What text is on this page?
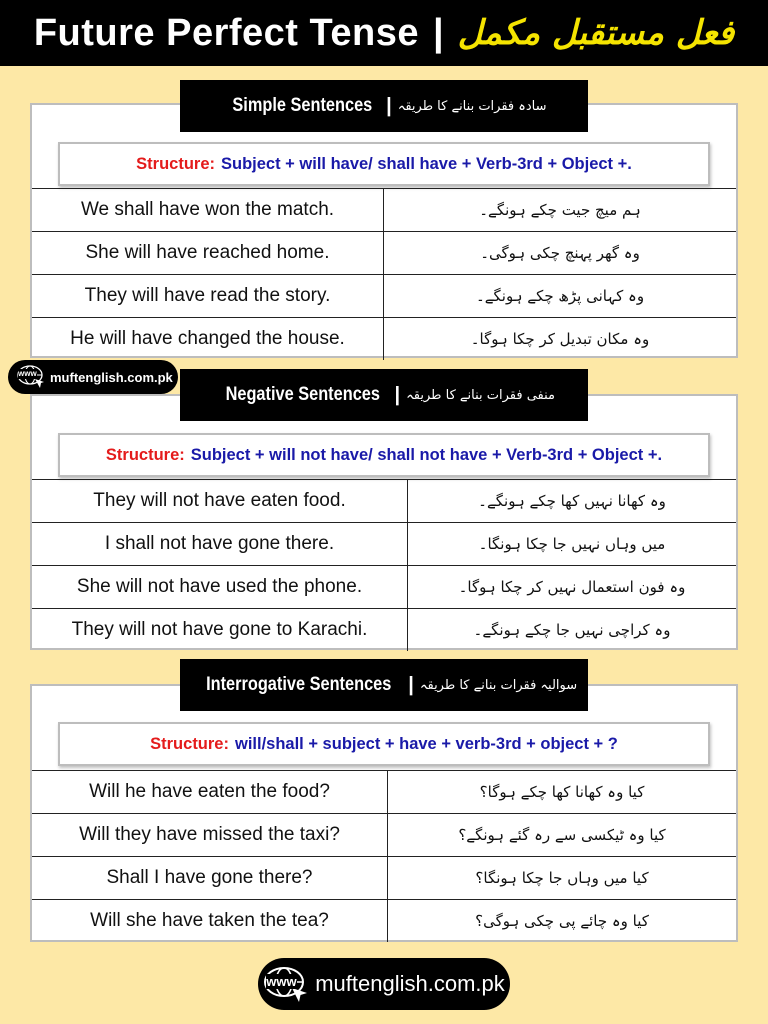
Future Perfect Tense | فعل مستقبل مکمل
Structure: Subject + will have/ shall have + Verb-3rd + Object +.
We shall have won the match.	ہم میچ جیت چکے ہونگے۔
She will have reached home.	وہ گھر پہنچ چکی ہوگی۔
They will have read the story.	وہ کہانی پڑھ چکے ہونگے۔
He will have changed the house.	وہ مکان تبدیل کر چکا ہوگا۔
Simple Sentences | سادہ فقرات بنانے کا طریقہ
Structure: Subject + will not have/ shall not have + Verb-3rd + Object +.
They will not have eaten food.	وہ کھانا نہیں کھا چکے ہونگے۔
I shall not have gone there.	میں وہاں نہیں جا چکا ہونگا۔
She will not have used the phone.	وہ فون استعمال نہیں کر چکا ہوگا۔
They will not have gone to Karachi.	وہ کراچی نہیں جا چکے ہونگے۔
Negative Sentences | منفی فقرات بنانے کا طریقہ
Structure: will/shall + subject + have + verb-3rd + object + ?
Will he have eaten the food?	کیا وہ کھانا کھا چکے ہوگا؟
Will they have missed the taxi?	کیا وہ ٹیکسی سے رہ گئے ہونگے؟
Shall I have gone there?	کیا میں وہاں جا چکا ہونگا؟
Will she have taken the tea?	کیا وہ چائے پی چکی ہوگی؟
Interrogative Sentences | سوالیہ فقرات بنانے کا طریقہ
www muftenglish.com.pk
www muftenglish.com.pk
